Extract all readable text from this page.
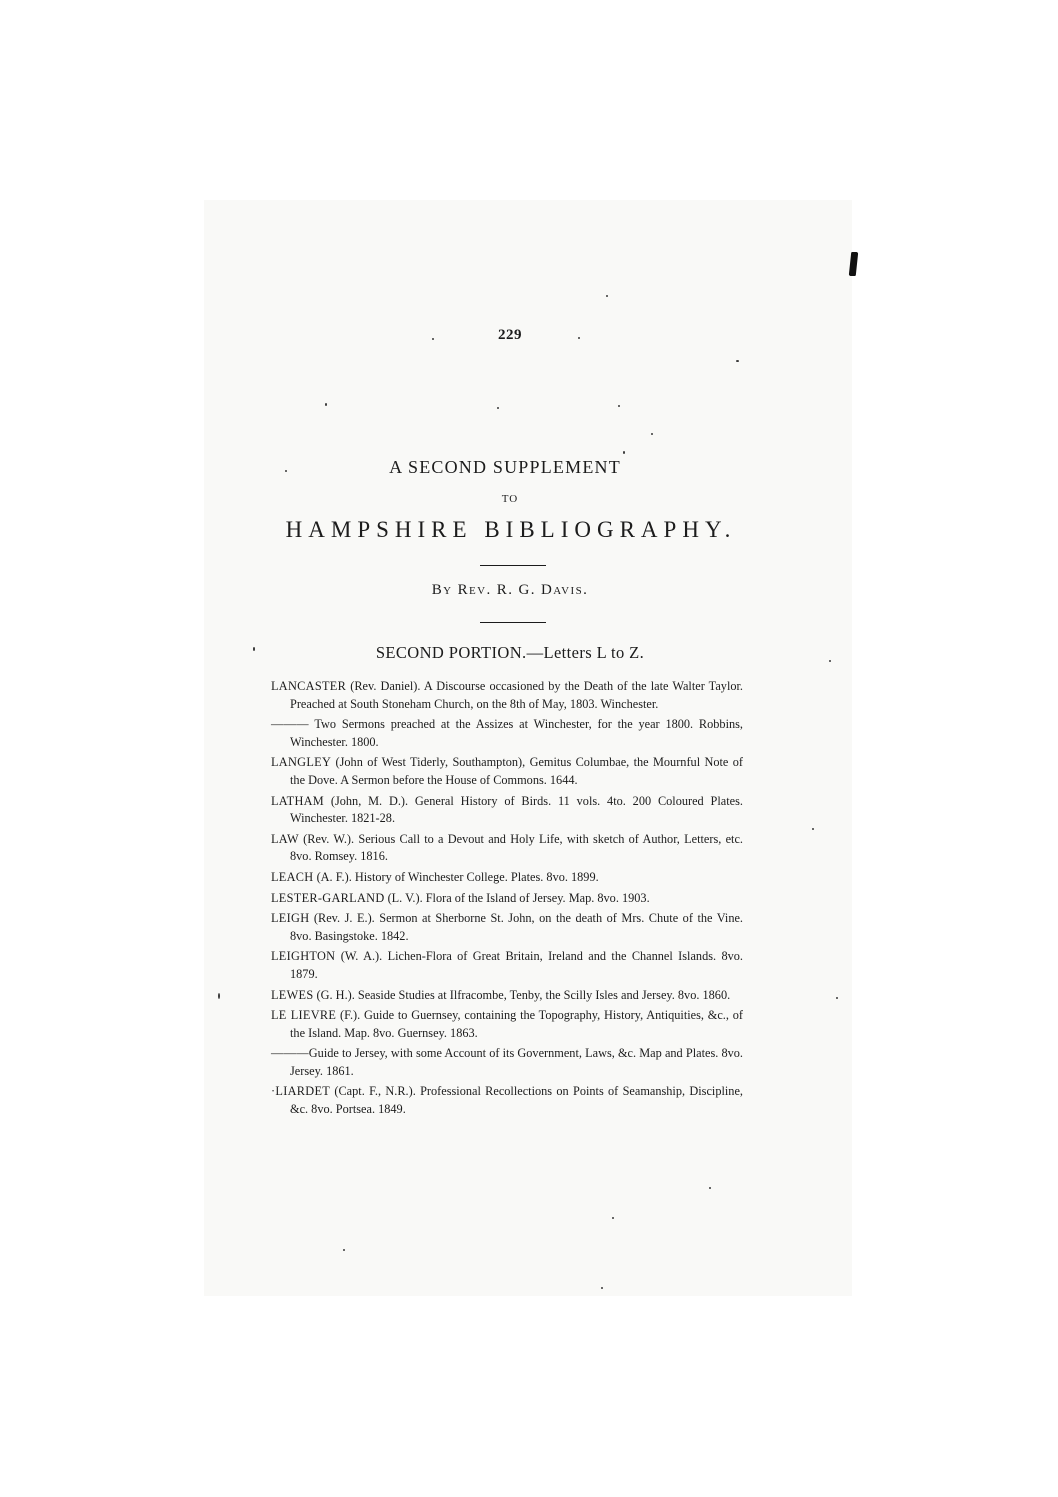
229
A SECOND SUPPLEMENT
TO
HAMPSHIRE BIBLIOGRAPHY.
By Rev. R. G. Davis.
SECOND PORTION.—Letters L to Z.

LANCASTER (Rev. Daniel). A Discourse occasioned by the Death of the late Walter Taylor. Preached at South Stoneham Church, on the 8th of May, 1803. Winchester.

——— Two Sermons preached at the Assizes at Winchester, for the year 1800. Robbins, Winchester. 1800.

LANGLEY (John of West Tiderly, Southampton), Gemitus Columbae, the Mournful Note of the Dove. A Sermon before the House of Commons. 1644.

LATHAM (John, M. D.). General History of Birds. 11 vols. 4to. 200 Coloured Plates. Winchester. 1821-28.

LAW (Rev. W.). Serious Call to a Devout and Holy Life, with sketch of Author, Letters, etc. 8vo. Romsey. 1816.

LEACH (A. F.). History of Winchester College. Plates. 8vo. 1899.

LESTER-GARLAND (L. V.). Flora of the Island of Jersey. Map. 8vo. 1903.

LEIGH (Rev. J. E.). Sermon at Sherborne St. John, on the death of Mrs. Chute of the Vine. 8vo. Basingstoke. 1842.

LEIGHTON (W. A.). Lichen-Flora of Great Britain, Ireland and the Channel Islands. 8vo. 1879.

LEWES (G. H.). Seaside Studies at Ilfracombe, Tenby, the Scilly Isles and Jersey. 8vo. 1860.

LE LIEVRE (F.). Guide to Guernsey, containing the Topography, History, Antiquities, &c., of the Island. Map. 8vo. Guernsey. 1863.

———Guide to Jersey, with some Account of its Government, Laws, &c. Map and Plates. 8vo. Jersey. 1861.

·LIARDET (Capt. F., N.R.). Professional Recollections on Points of Seamanship, Discipline, &c. 8vo. Portsea. 1849.
